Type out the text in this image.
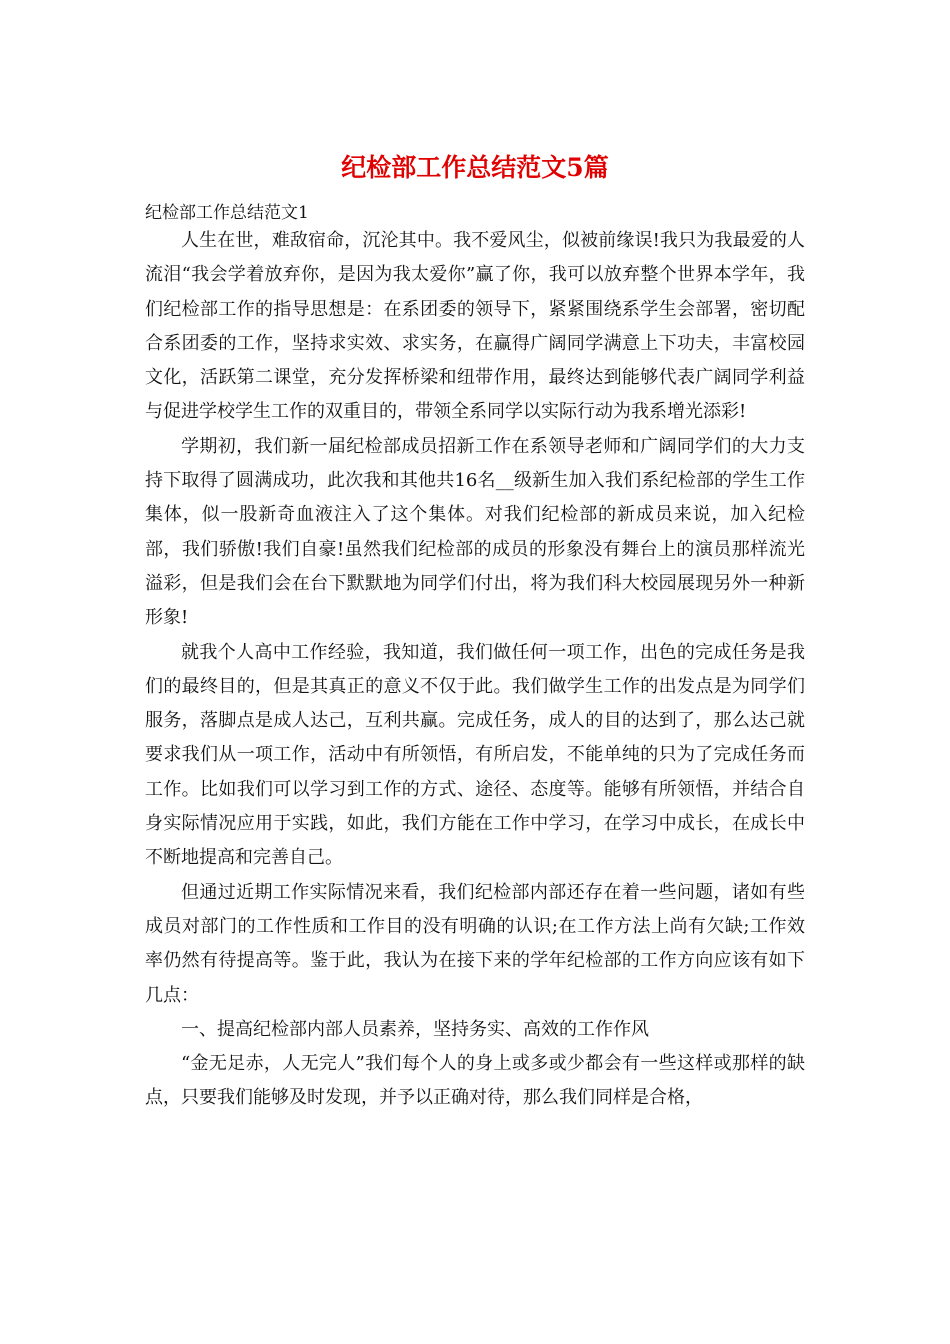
纪检部工作总结范文5篇

纪检部工作总结范文1

人生在世，难敌宿命，沉沦其中。我不爱风尘，似被前缘误!我只为我最爱的人流泪“我会学着放弃你，是因为我太爱你”赢了你，我可以放弃整个世界本学年，我们纪检部工作的指导思想是：在系团委的领导下，紧紧围绕系学生会部署，密切配合系团委的工作，坚持求实效、求实务，在赢得广阔同学满意上下功夫，丰富校园文化，活跃第二课堂，充分发挥桥梁和纽带作用，最终达到能够代表广阔同学利益与促进学校学生工作的双重目的，带领全系同学以实际行动为我系增光添彩!

学期初，我们新一届纪检部成员招新工作在系领导老师和广阔同学们的大力支持下取得了圆满成功，此次我和其他共16名__级新生加入我们系纪检部的学生工作集体，似一股新奇血液注入了这个集体。对我们纪检部的新成员来说，加入纪检部，我们骄傲!我们自豪!虽然我们纪检部的成员的形象没有舞台上的演员那样流光溢彩，但是我们会在台下默默地为同学们付出，将为我们科大校园展现另外一种新形象!

就我个人高中工作经验，我知道，我们做任何一项工作，出色的完成任务是我们的最终目的，但是其真正的意义不仅于此。我们做学生工作的出发点是为同学们服务，落脚点是成人达己，互利共赢。完成任务，成人的目的达到了，那么达己就要求我们从一项工作，活动中有所领悟，有所启发，不能单纯的只为了完成任务而工作。比如我们可以学习到工作的方式、途径、态度等。能够有所领悟，并结合自身实际情况应用于实践，如此，我们方能在工作中学习，在学习中成长，在成长中不断地提高和完善自己。

但通过近期工作实际情况来看，我们纪检部内部还存在着一些问题，诸如有些成员对部门的工作性质和工作目的没有明确的认识;在工作方法上尚有欠缺;工作效率仍然有待提高等。鉴于此，我认为在接下来的学年纪检部的工作方向应该有如下几点：

一、提高纪检部内部人员素养，坚持务实、高效的工作作风

“金无足赤，人无完人”我们每个人的身上或多或少都会有一些这样或那样的缺点，只要我们能够及时发现，并予以正确对待，那么我们同样是合格，
